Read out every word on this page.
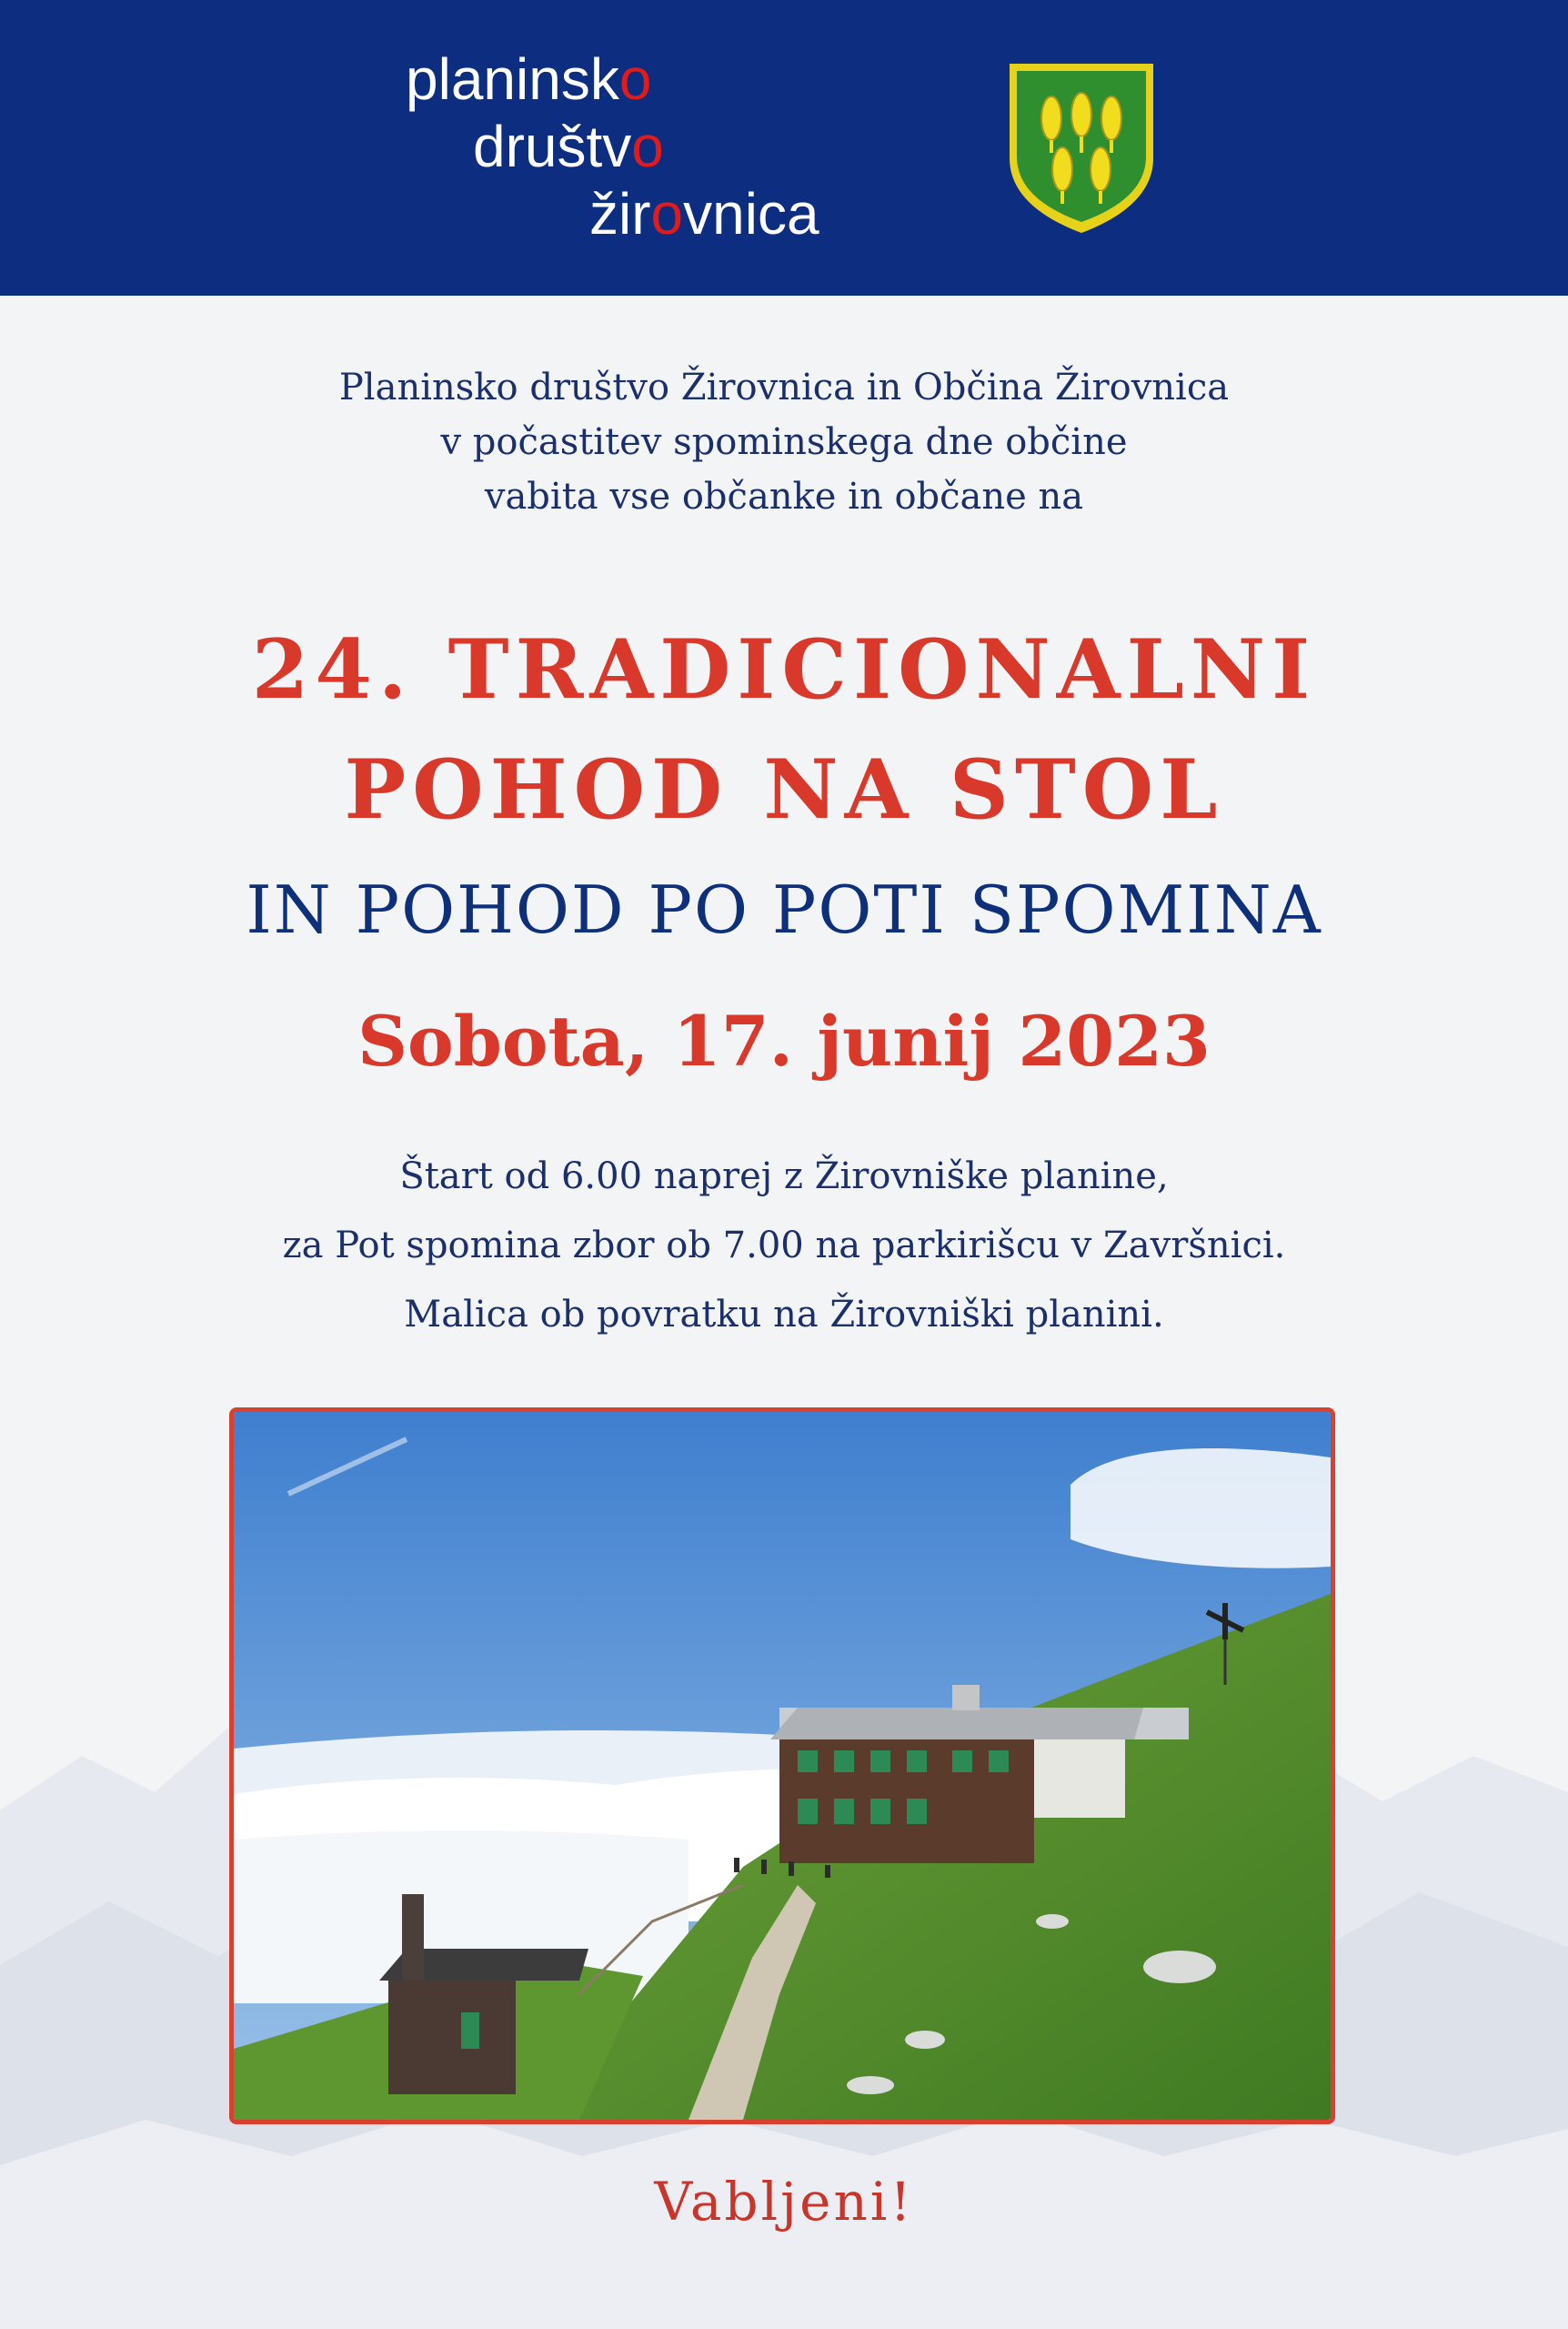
planinsko
društvo
žirovnica
Planinsko društvo Žirovnica in Občina Žirovnica
v počastitev spominskega dne občine
vabita vse občanke in občane na
24. TRADICIONALNI
POHOD NA STOL
IN POHOD PO POTI SPOMINA
Sobota, 17. junij 2023
Štart od 6.00 naprej z Žirovniške planine,
za Pot spomina zbor ob 7.00 na parkirišcu v Završnici.
Malica ob povratku na Žirovniški planini.
Vabljeni!
